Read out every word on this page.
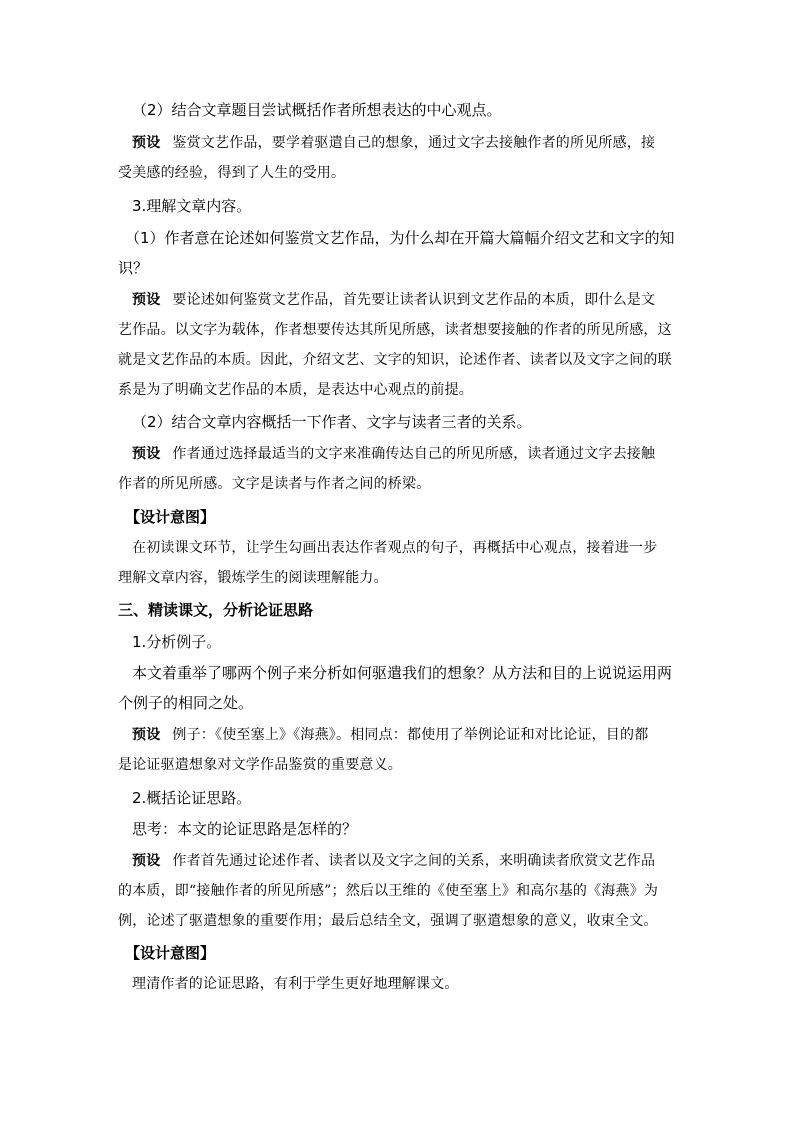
（2）结合文章题目尝试概括作者所想表达的中心观点。
预设 鉴赏文艺作品，要学着驱遣自己的想象，通过文字去接触作者的所见所感，接
受美感的经验，得到了人生的受用。
3.理解文章内容。
（1）作者意在论述如何鉴赏文艺作品，为什么却在开篇大篇幅介绍文艺和文字的知
识？
预设 要论述如何鉴赏文艺作品，首先要让读者认识到文艺作品的本质，即什么是文
艺作品。以文字为载体，作者想要传达其所见所感，读者想要接触的作者的所见所感，这
就是文艺作品的本质。因此，介绍文艺、文字的知识，论述作者、读者以及文字之间的联
系是为了明确文艺作品的本质，是表达中心观点的前提。
（2）结合文章内容概括一下作者、文字与读者三者的关系。
预设 作者通过选择最适当的文字来准确传达自己的所见所感，读者通过文字去接触
作者的所见所感。文字是读者与作者之间的桥梁。
【设计意图】
在初读课文环节，让学生勾画出表达作者观点的句子，再概括中心观点，接着进一步
理解文章内容，锻炼学生的阅读理解能力。
三、精读课文，分析论证思路
1.分析例子。
本文着重举了哪两个例子来分析如何驱遣我们的想象？从方法和目的上说说运用两
个例子的相同之处。
预设 例子：《使至塞上》《海燕》。相同点：都使用了举例论证和对比论证，目的都
是论证驱遣想象对文学作品鉴赏的重要意义。
2.概括论证思路。
思考：本文的论证思路是怎样的？
预设 作者首先通过论述作者、读者以及文字之间的关系，来明确读者欣赏文艺作品
的本质，即“接触作者的所见所感”；然后以王维的《使至塞上》和高尔基的《海燕》为
例，论述了驱遣想象的重要作用；最后总结全文，强调了驱遣想象的意义，收束全文。
【设计意图】
理清作者的论证思路，有利于学生更好地理解课文。
